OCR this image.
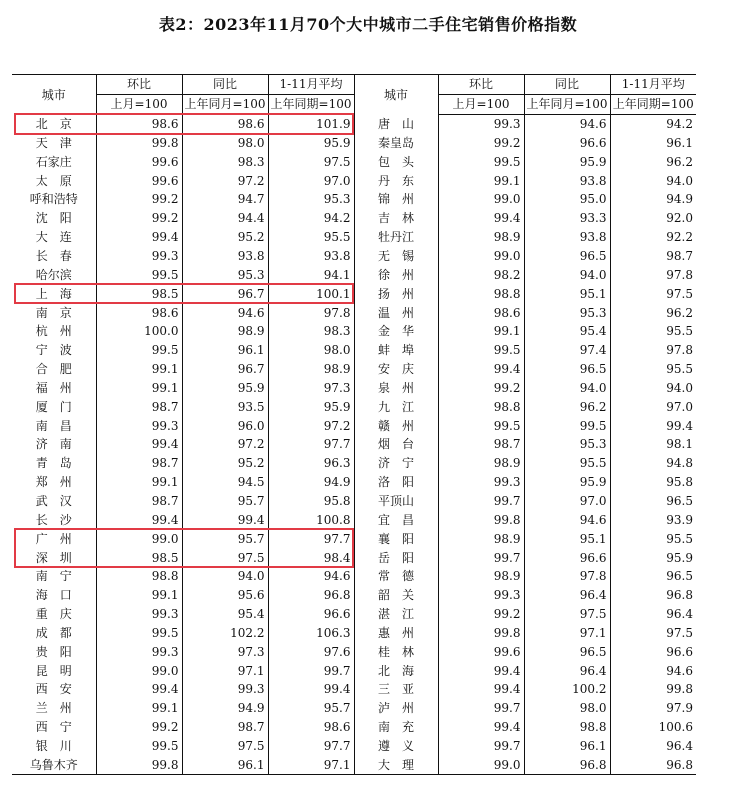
表2：2023年11月70个大中城市二手住宅销售价格指数
城市	环比	同比	1-11月平均	城市	环比	同比	1-11月平均
	上月=100	上年同月=100	上年同期=100		上月=100	上年同月=100	上年同期=100
北　京	98.6	98.6	101.9	唐　山	99.3	94.6	94.2
天　津	99.8	98.0	95.9	秦皇岛	99.2	96.6	96.1
石家庄	99.6	98.3	97.5	包　头	99.5	95.9	96.2
太　原	99.6	97.2	97.0	丹　东	99.1	93.8	94.0
呼和浩特	99.2	94.7	95.3	锦　州	99.0	95.0	94.9
沈　阳	99.2	94.4	94.2	吉　林	99.4	93.3	92.0
大　连	99.4	95.2	95.5	牡丹江	98.9	93.8	92.2
长　春	99.3	93.8	93.8	无　锡	99.0	96.5	98.7
哈尔滨	99.5	95.3	94.1	徐　州	98.2	94.0	97.8
上　海	98.5	96.7	100.1	扬　州	98.8	95.1	97.5
南　京	98.6	94.6	97.8	温　州	98.6	95.3	96.2
杭　州	100.0	98.9	98.3	金　华	99.1	95.4	95.5
宁　波	99.5	96.1	98.0	蚌　埠	99.5	97.4	97.8
合　肥	99.1	96.7	98.9	安　庆	99.4	96.5	95.5
福　州	99.1	95.9	97.3	泉　州	99.2	94.0	94.0
厦　门	98.7	93.5	95.9	九　江	98.8	96.2	97.0
南　昌	99.3	96.0	97.2	赣　州	99.5	99.5	99.4
济　南	99.4	97.2	97.7	烟　台	98.7	95.3	98.1
青　岛	98.7	95.2	96.3	济　宁	98.9	95.5	94.8
郑　州	99.1	94.5	94.9	洛　阳	99.3	95.9	95.8
武　汉	98.7	95.7	95.8	平顶山	99.7	97.0	96.5
长　沙	99.4	99.4	100.8	宜　昌	99.8	94.6	93.9
广　州	99.0	95.7	97.7	襄　阳	98.9	95.1	95.5
深　圳	98.5	97.5	98.4	岳　阳	99.7	96.6	95.9
南　宁	98.8	94.0	94.6	常　德	98.9	97.8	96.5
海　口	99.1	95.6	96.8	韶　关	99.3	96.4	96.8
重　庆	99.3	95.4	96.6	湛　江	99.2	97.5	96.4
成　都	99.5	102.2	106.3	惠　州	99.8	97.1	97.5
贵　阳	99.3	97.3	97.6	桂　林	99.6	96.5	96.6
昆　明	99.0	97.1	99.7	北　海	99.4	96.4	94.6
西　安	99.4	99.3	99.4	三　亚	99.4	100.2	99.8
兰　州	99.1	94.9	95.7	泸　州	99.7	98.0	97.9
西　宁	99.2	98.7	98.6	南　充	99.4	98.8	100.6
银　川	99.5	97.5	97.7	遵　义	99.7	96.1	96.4
乌鲁木齐	99.8	96.1	97.1	大　理	99.0	96.8	96.8
